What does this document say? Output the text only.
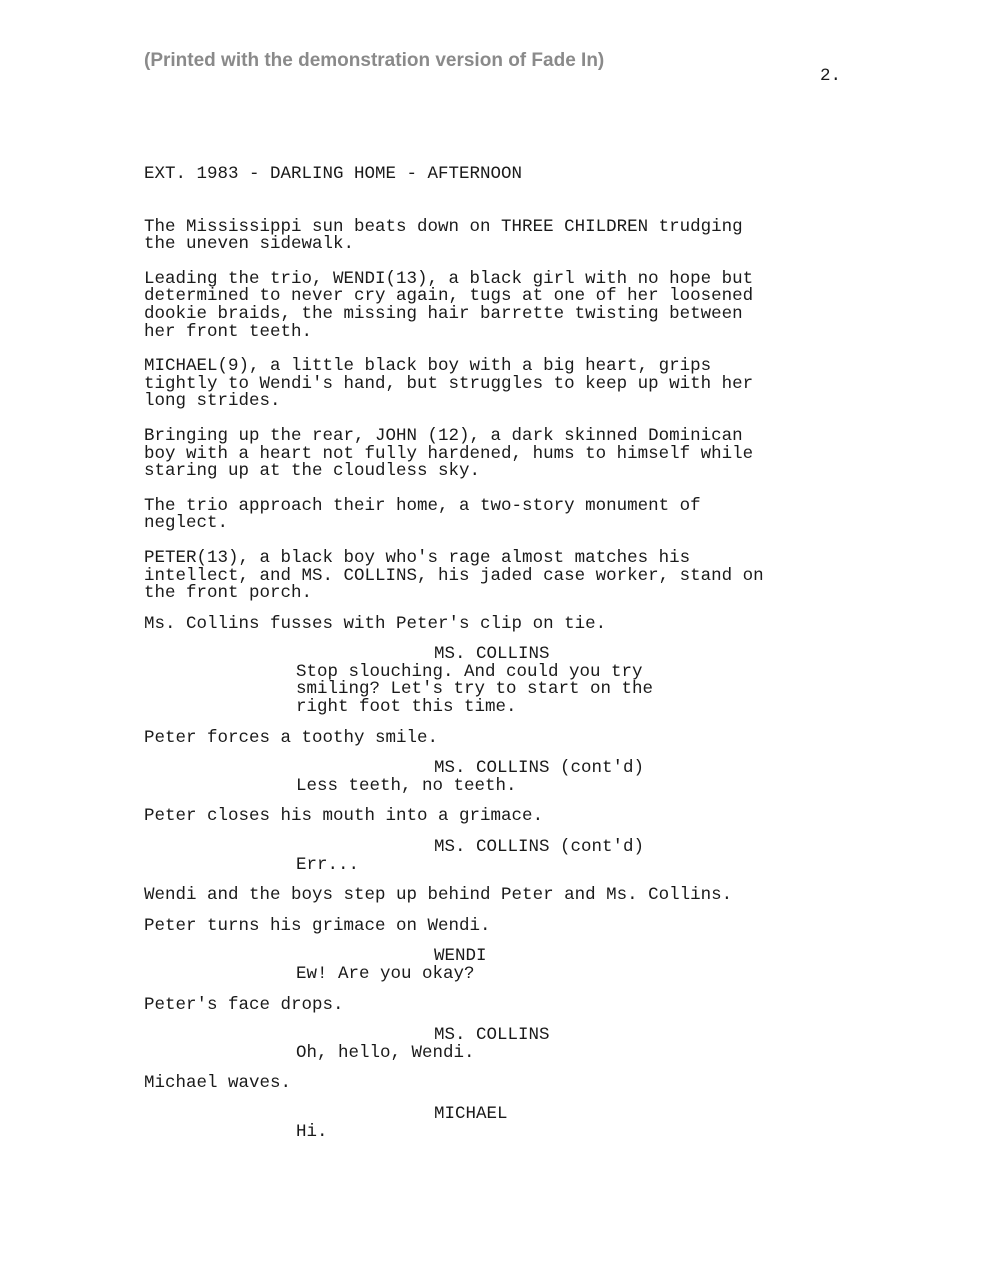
(Printed with the demonstration version of Fade In)
2.

EXT. 1983 - DARLING HOME - AFTERNOON

The Mississippi sun beats down on THREE CHILDREN trudging
the uneven sidewalk.

Leading the trio, WENDI(13), a black girl with no hope but
determined to never cry again, tugs at one of her loosened
dookie braids, the missing hair barrette twisting between
her front teeth.

MICHAEL(9), a little black boy with a big heart, grips
tightly to Wendi's hand, but struggles to keep up with her
long strides.

Bringing up the rear, JOHN (12), a dark skinned Dominican
boy with a heart not fully hardened, hums to himself while
staring up at the cloudless sky.

The trio approach their home, a two-story monument of
neglect.

PETER(13), a black boy who's rage almost matches his
intellect, and MS. COLLINS, his jaded case worker, stand on
the front porch.

Ms. Collins fusses with Peter's clip on tie.

MS. COLLINS

Stop slouching. And could you try
smiling? Let's try to start on the
right foot this time.

Peter forces a toothy smile.

MS. COLLINS (cont'd)

Less teeth, no teeth.

Peter closes his mouth into a grimace.

MS. COLLINS (cont'd)

Err...

Wendi and the boys step up behind Peter and Ms. Collins.

Peter turns his grimace on Wendi.

WENDI

Ew! Are you okay?

Peter's face drops.

MS. COLLINS

Oh, hello, Wendi.

Michael waves.

MICHAEL

Hi.
